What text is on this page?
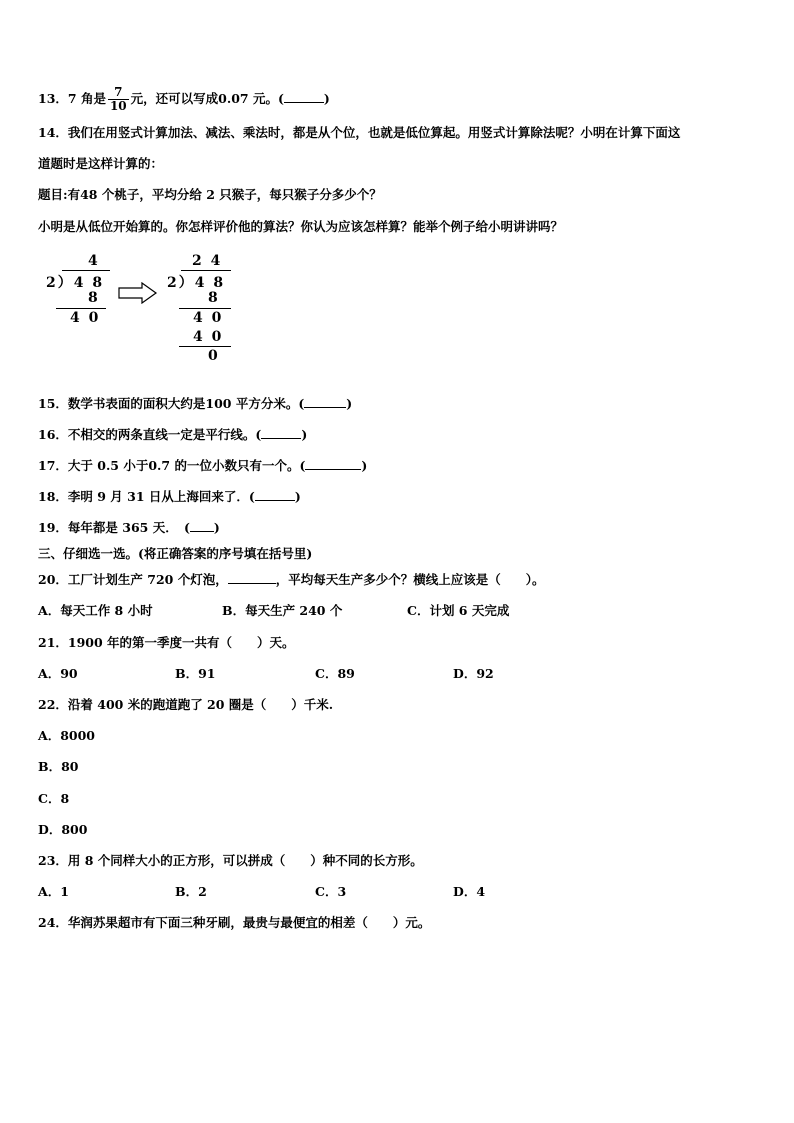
13．7 角是 $\frac{7}{10}$ 元，还可以写成0.07 元。(	)
14．我们在用竖式计算加法、减法、乘法时，都是从个位，也就是低位算起。用竖式计算除法呢？小明在计算下面这
道题时是这样计算的：
题目:有48 个桃子，平均分给 2 只猴子，每只猴子分多少个？
小明是从低位开始算的。你怎样评价他的算法？你认为应该怎样算？能举个例子给小明讲讲吗？
4
2）4 8
8
4 0
2 4
2）4 8
8
4 0
4 0
0
15．数学书表面的面积大约是100 平方分米。(	)
16．不相交的两条直线一定是平行线。(	)
17．大于 0.5 小于0.7 的一位小数只有一个。(	)
18．李明 9 月 31 日从上海回来了．(	)
19．每年都是 365 天．　( )
三、仔细选一选。(将正确答案的序号填在括号里)
20．工厂计划生产 720 个灯泡，	，平均每天生产多少个？横线上应该是（　　）。
A．每天工作 8 小时	B．每天生产 240 个	C．计划 6 天完成
21．1900 年的第一季度一共有（　　）天。
A．90	B．91	C．89	D．92
22．沿着 400 米的跑道跑了 20 圈是（　　）千米.
A．8000
B．80
C．8
D．800
23．用 8 个同样大小的正方形，可以拼成（　　）种不同的长方形。
A．1	B．2	C．3	D．4
24．华润苏果超市有下面三种牙刷，最贵与最便宜的相差（　　）元。
